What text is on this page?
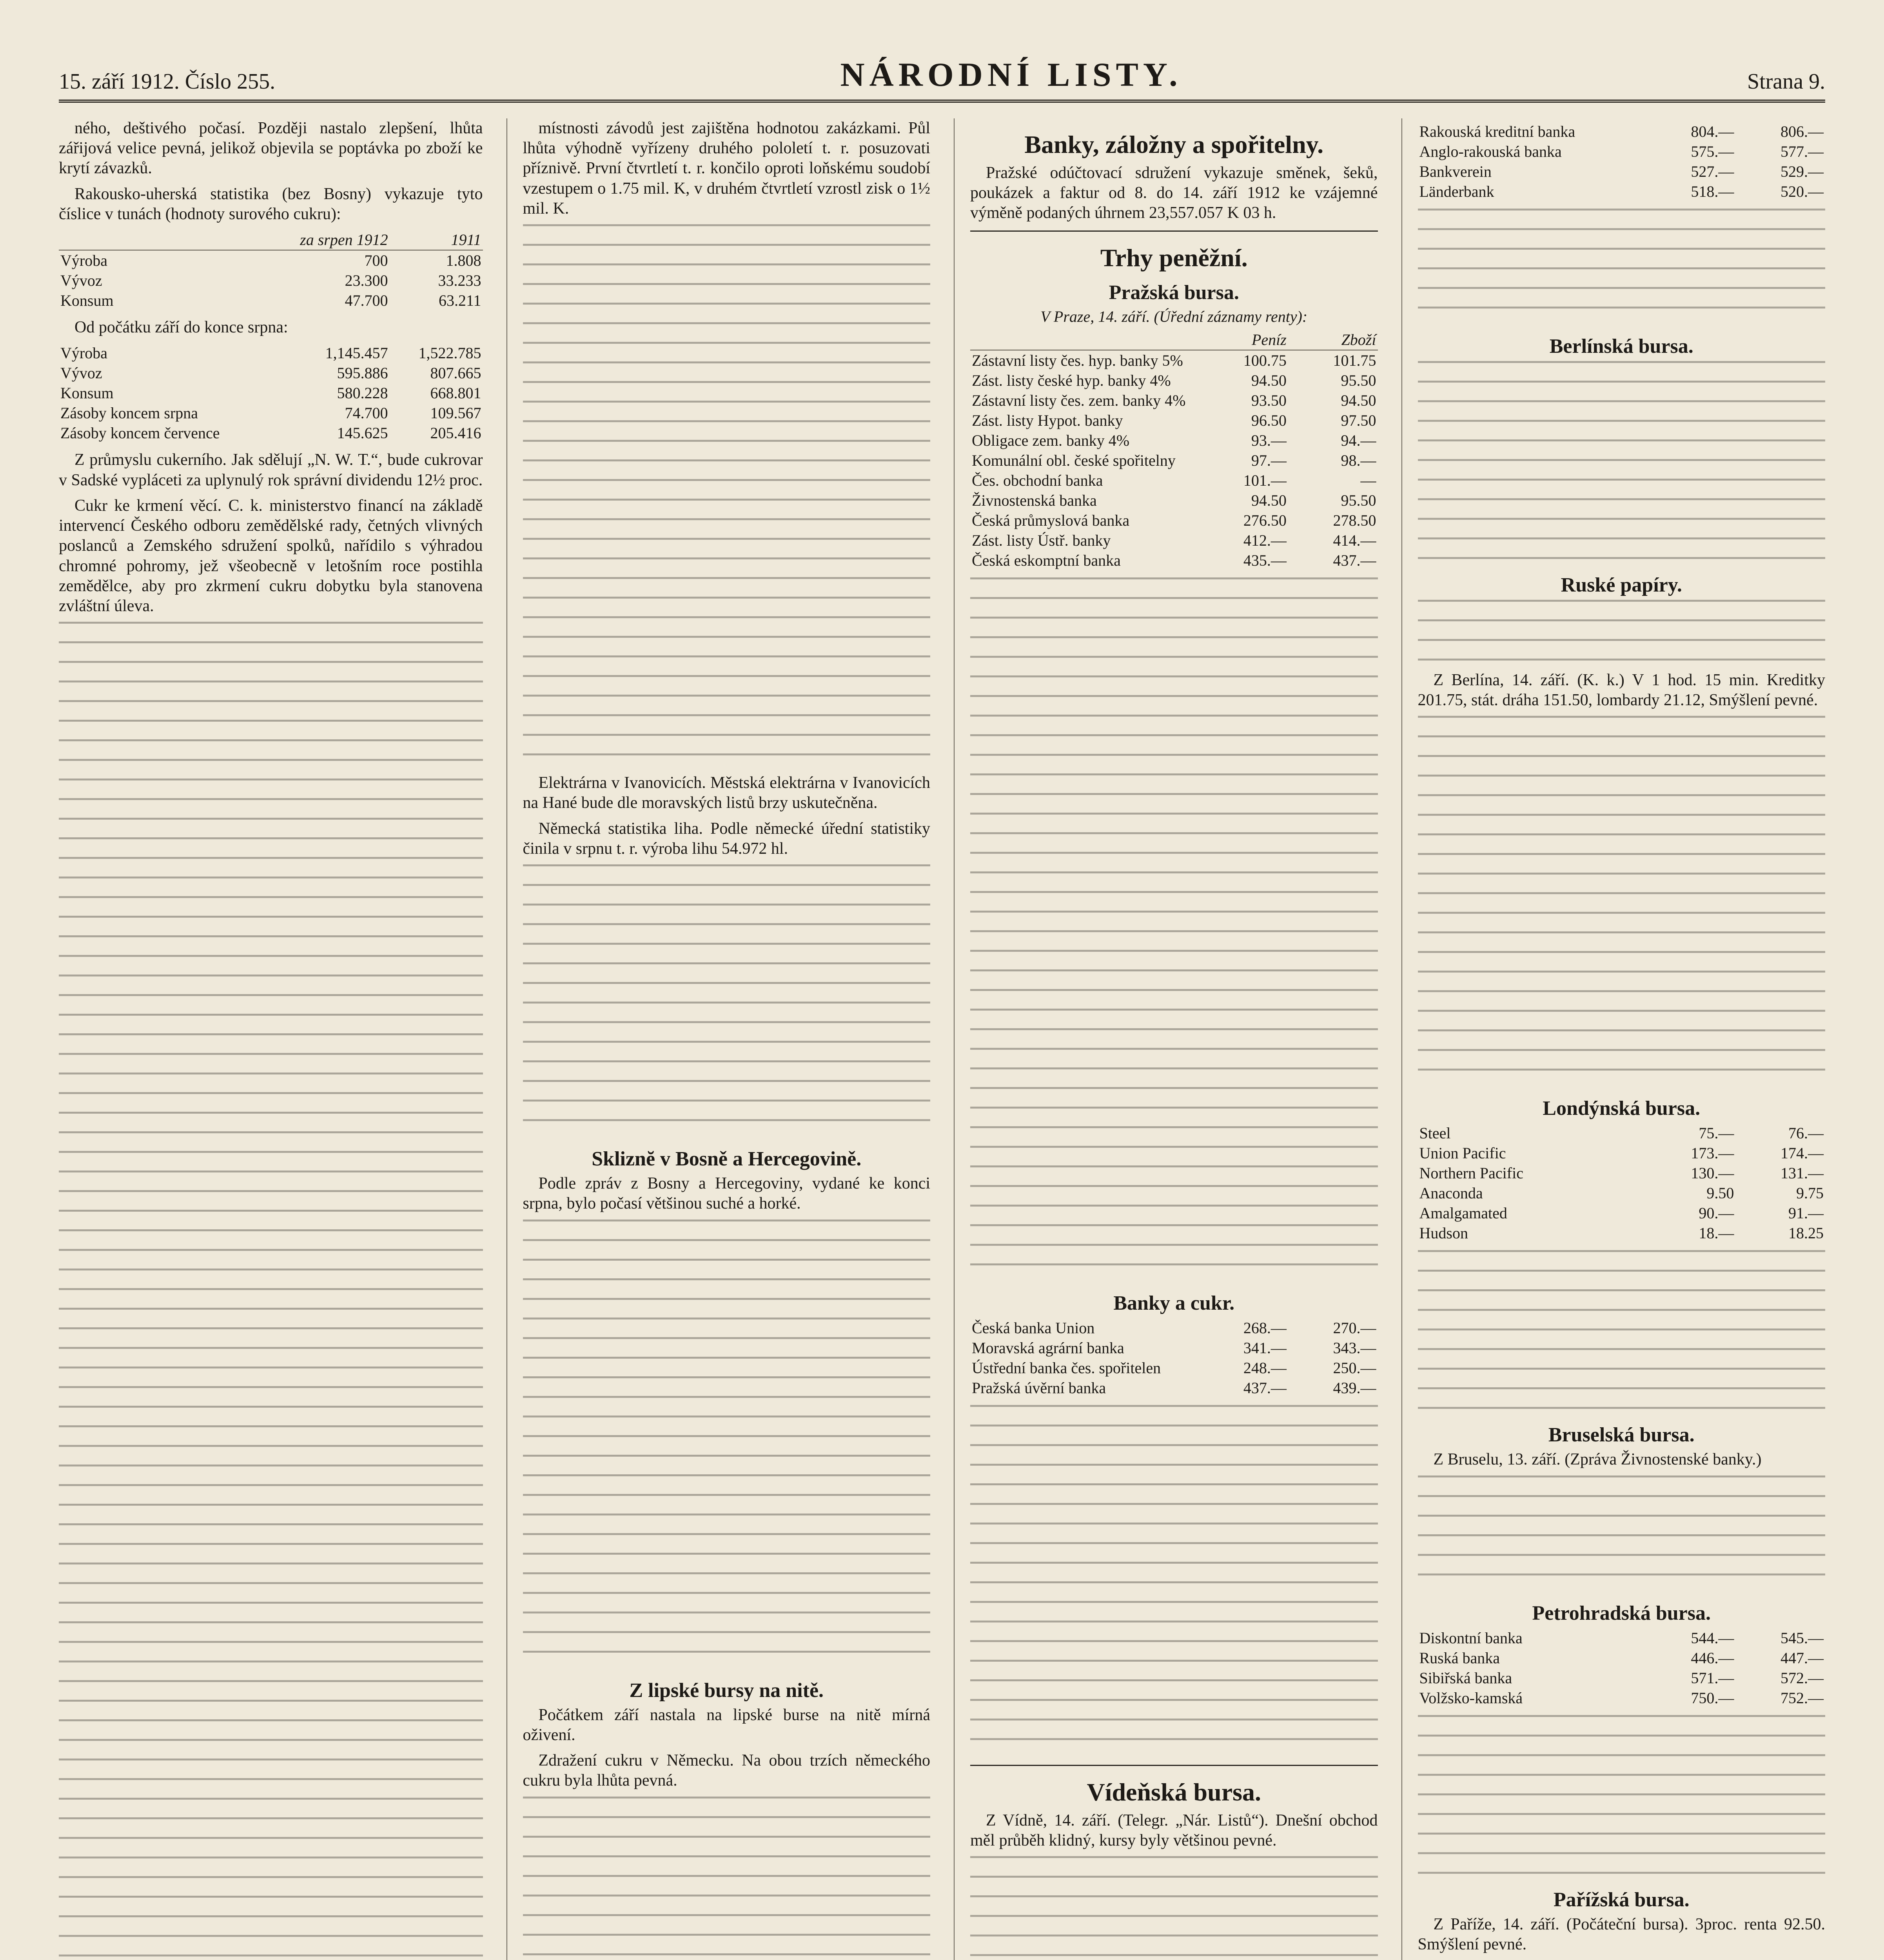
15. září 1912. Číslo 255.	NÁRODNÍ LISTY.	Strana 9.

ného, deštivého počasí. Později nastalo zlepšení, lhůta zářijová velice pevná, jelikož objevila se poptávka po zboží ke krytí závazků.

Rakousko-uherská statistika (bez Bosny) vykazuje tyto číslice v tunách (hodnoty surového cukru):

	za srpen 1912	1911
Výroba	700	1.808
Vývoz	23.300	33.233
Konsum	47.700	63.211

Od počátku září do konce srpna:

Výroba	1,145.457	1,522.785
Vývoz	595.886	807.665
Konsum	580.228	668.801
Zásoby koncem srpna	74.700	109.567
Zásoby koncem července	145.625	205.416

Z průmyslu cukerního. Jak sdělují „N. W. T.“, bude cukrovar v Sadské vypláceti za uplynulý rok správní dividendu 12½ proc.

Cukr ke krmení věcí. C. k. ministerstvo financí na základě intervencí Českého odboru zemědělské rady, četných vlivných poslanců a Zemského sdružení spolků, nařídilo s výhradou chromné pohromy, jež všeobecně v letošním roce postihla zemědělce, aby pro zkrmení cukru dobytku byla stanovena zvláštní úleva.

místnosti závodů jest zajištěna hodnotou zakázkami. Půl lhůta výhodně vyřízeny druhého pololetí t. r. posuzovati příznivě. První čtvrtletí t. r. končilo oproti loňskému soudobí vzestupem o 1.75 mil. K, v druhém čtvrtletí vzrostl zisk o 1½ mil. K.

Elektrárna v Ivanovicích. Městská elektrárna v Ivanovicích na Hané bude dle moravských listů brzy uskutečněna.

Německá statistika liha. Podle německé úřední statistiky činila v srpnu t. r. výroba lihu 54.972 hl.

Skliznĕ v Bosně a Hercegovině.

Podle zpráv z Bosny a Hercegoviny, vydané ke konci srpna, bylo počasí většinou suché a horké.

Z lipské bursy na nitě.

Počátkem září nastala na lipské burse na nitě mírná oživení.

Zdražení cukru v Německu. Na obou trzích německého cukru byla lhůta pevná.

Banky, záložny a spořitelny.

Pražské odúčtovací sdružení vykazuje směnek, šeků, poukázek a faktur od 8. do 14. září 1912 ke vzájemné výměně podaných úhrnem 23,557.057 K 03 h.

Trhy peněžní.
Pražská bursa.
V Praze, 14. září. (Úřední záznamy renty):
	Peníz	Zboží
Zástavní listy čes. hyp. banky 5%	100.75	101.75
Zást. listy české hyp. banky 4%	94.50	95.50
Zástavní listy čes. zem. banky 4%	93.50	94.50
Zást. listy Hypot. banky	96.50	97.50
Obligace zem. banky 4%	93.—	94.—
Komunální obl. české spořitelny	97.—	98.—
Čes. obchodní banka	101.—	—
Živnostenská banka	94.50	95.50
Česká průmyslová banka	276.50	278.50
Zást. listy Ústř. banky	412.—	414.—
Česká eskomptní banka	435.—	437.—
Banky a cukr.
Česká banka Union	268.—	270.—
Moravská agrární banka	341.—	343.—
Ústřední banka čes. spořitelen	248.—	250.—
Pražská úvěrní banka	437.—	439.—
Vídeňská bursa.

Z Vídně, 14. září. (Telegr. „Nár. Listů“). Dnešní obchod měl průběh klidný, kursy byly většinou pevné.

Rakouská kreditní banka	804.—	806.—
Anglo-rakouská banka	575.—	577.—
Bankverein	527.—	529.—
Länderbank	518.—	520.—
Berlínská bursa.
Ruské papíry.

Z Berlína, 14. září. (K. k.) V 1 hod. 15 min. Kreditky 201.75, stát. dráha 151.50, lombardy 21.12, Smýšlení pevné.

Londýnská bursa.
Steel	75.—	76.—
Union Pacific	173.—	174.—
Northern Pacific	130.—	131.—
Anaconda	9.50	9.75
Amalgamated	90.—	91.—
Hudson	18.—	18.25
Bruselská bursa.

Z Bruselu, 13. září. (Zpráva Živnostenské banky.)

Petrohradská bursa.
Diskontní banka	544.—	545.—
Ruská banka	446.—	447.—
Sibiřská banka	571.—	572.—
Volžsko-kamská	750.—	752.—
Pařížská bursa.

Z Paříže, 14. září. (Počáteční bursa). 3proc. renta 92.50. Smýšlení pevné.
